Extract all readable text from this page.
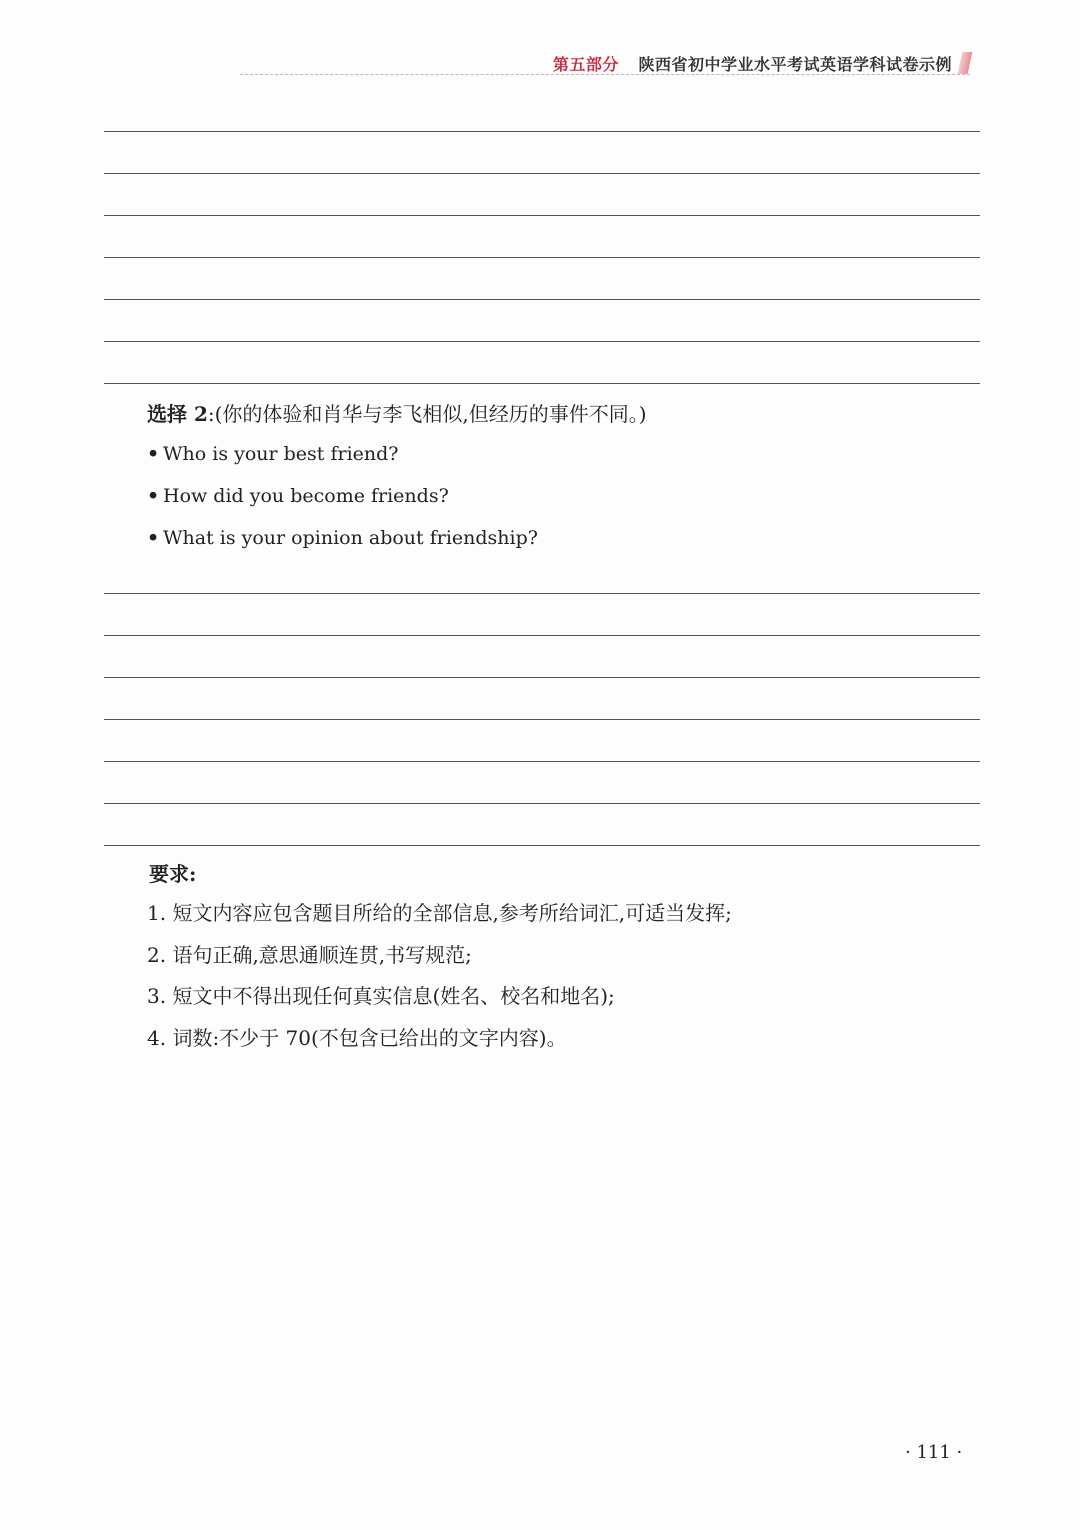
第五部分 陕西省初中学业水平考试英语学科试卷示例
选择 2:(你的体验和肖华与李飞相似,但经历的事件不同。)
• Who is your best friend?
• How did you become friends?
• What is your opinion about friendship?
要求:
1. 短文内容应包含题目所给的全部信息,参考所给词汇,可适当发挥;
2. 语句正确,意思通顺连贯,书写规范;
3. 短文中不得出现任何真实信息(姓名、校名和地名);
4. 词数:不少于 70(不包含已给出的文字内容)。
· 111 ·
